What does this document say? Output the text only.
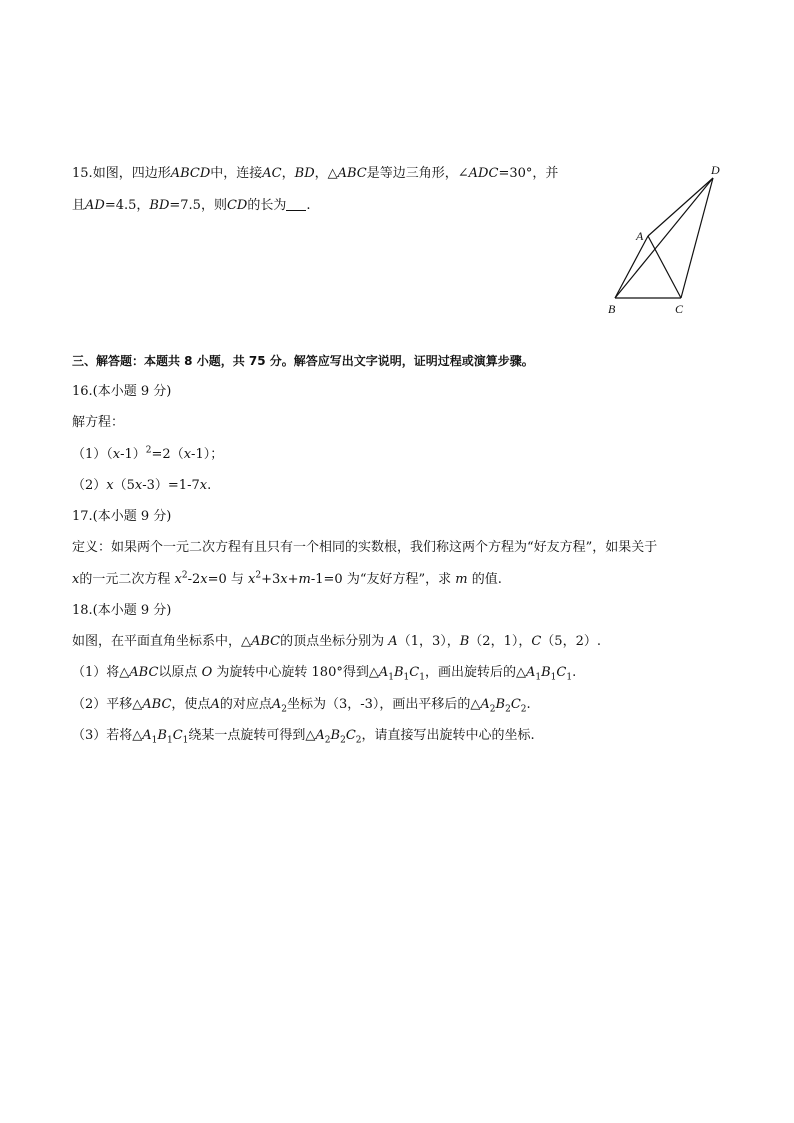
15.如图，四边形ABCD中，连接AC，BD，△ABC是等边三角形，∠ADC=30°，并
且AD=4.5，BD=7.5，则CD的长为 .
A
B	C
D
三、解答题：本题共 8 小题，共 75 分。解答应写出文字说明，证明过程或演算步骤。
16.(本小题 9 分)
解方程：
$(1)(x-1)^2=2(x-1)$；
（2）x（5x-3）=1-7x.
17.(本小题 9 分)
定义：如果两个一元二次方程有且只有一个相同的实数根，我们称这两个方程为“好友方程”，如果关于
x的一元二次方程 $x^2-2x=0$ 与 $x^2+3x+m-1=0$ 为“友好方程”，求 m 的值.
18.(本小题 9 分)
如图，在平面直角坐标系中，△ABC的顶点坐标分别为 A（1，3），B（2，1），C（5，2）.
（1）将△ABC以原点 O 为旋转中心旋转 180°得到$\triangle A_1B_1C_1$，画出旋转后的$\triangle A_1B_1C_1$.
（2）平移△ABC，使点A的对应点$A_2$坐标为（3，-3），画出平移后的$\triangle A_2B_2C_2$.
（3）若将$\triangle A_1B_1C_1$绕某一点旋转可得到$\triangle A_2B_2C_2$，请直接写出旋转中心的坐标.
